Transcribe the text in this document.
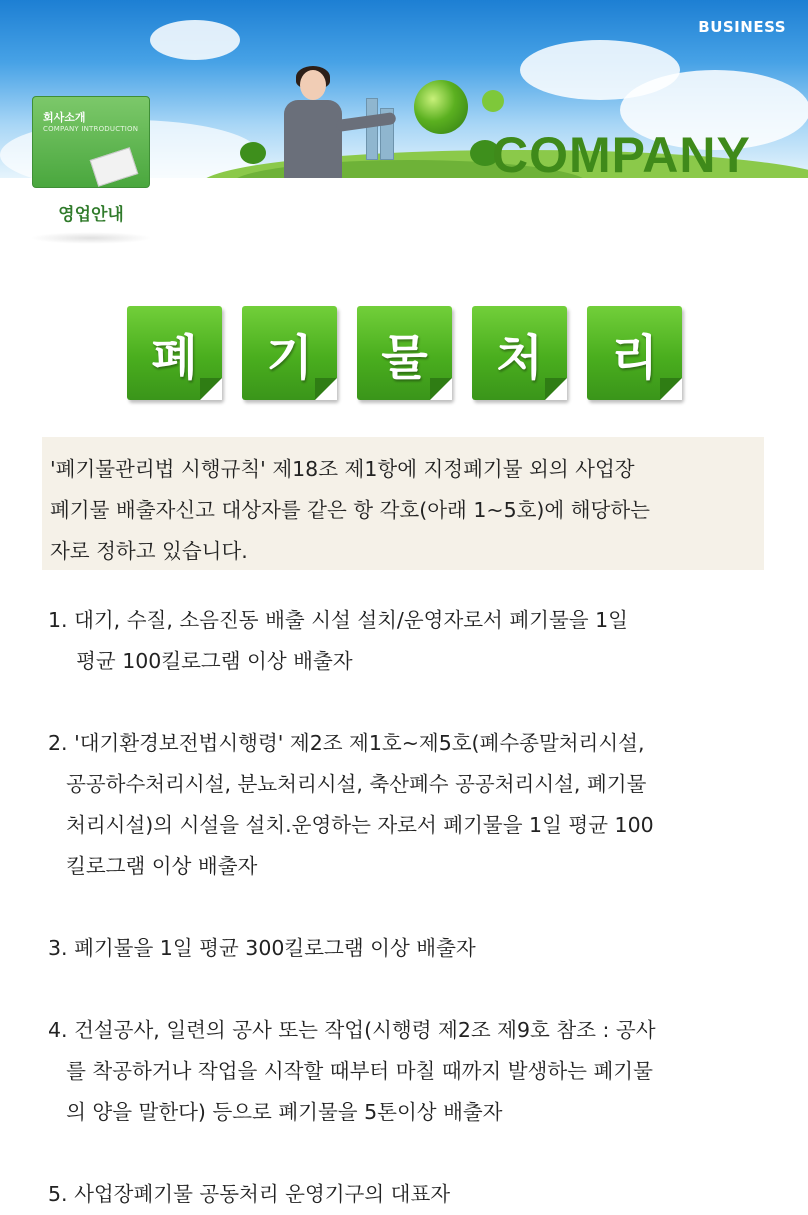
COMPANY
BUSINESS
회사소개
COMPANY INTRODUCTION
영업안내
폐 기 물 처 리
'폐기물관리법 시행규칙' 제18조 제1항에 지정폐기물 외의 사업장
폐기물 배출자신고 대상자를 같은 항 각호(아래 1~5호)에 해당하는
자로 정하고 있습니다.
1. 대기, 수질, 소음진동 배출 시설 설치/운영자로서 폐기물을 1일
평균 100킬로그램 이상 배출자
2. '대기환경보전법시행령' 제2조 제1호~제5호(폐수종말처리시설,
공공하수처리시설, 분뇨처리시설, 축산폐수 공공처리시설, 폐기물
처리시설)의 시설을 설치.운영하는 자로서 폐기물을 1일 평균 100
킬로그램 이상 배출자
3. 폐기물을 1일 평균 300킬로그램 이상 배출자
4. 건설공사, 일련의 공사 또는 작업(시행령 제2조 제9호 참조 : 공사
를 착공하거나 작업을 시작할 때부터 마칠 때까지 발생하는 폐기물
의 양을 말한다) 등으로 폐기물을 5톤이상 배출자
5. 사업장폐기물 공동처리 운영기구의 대표자
